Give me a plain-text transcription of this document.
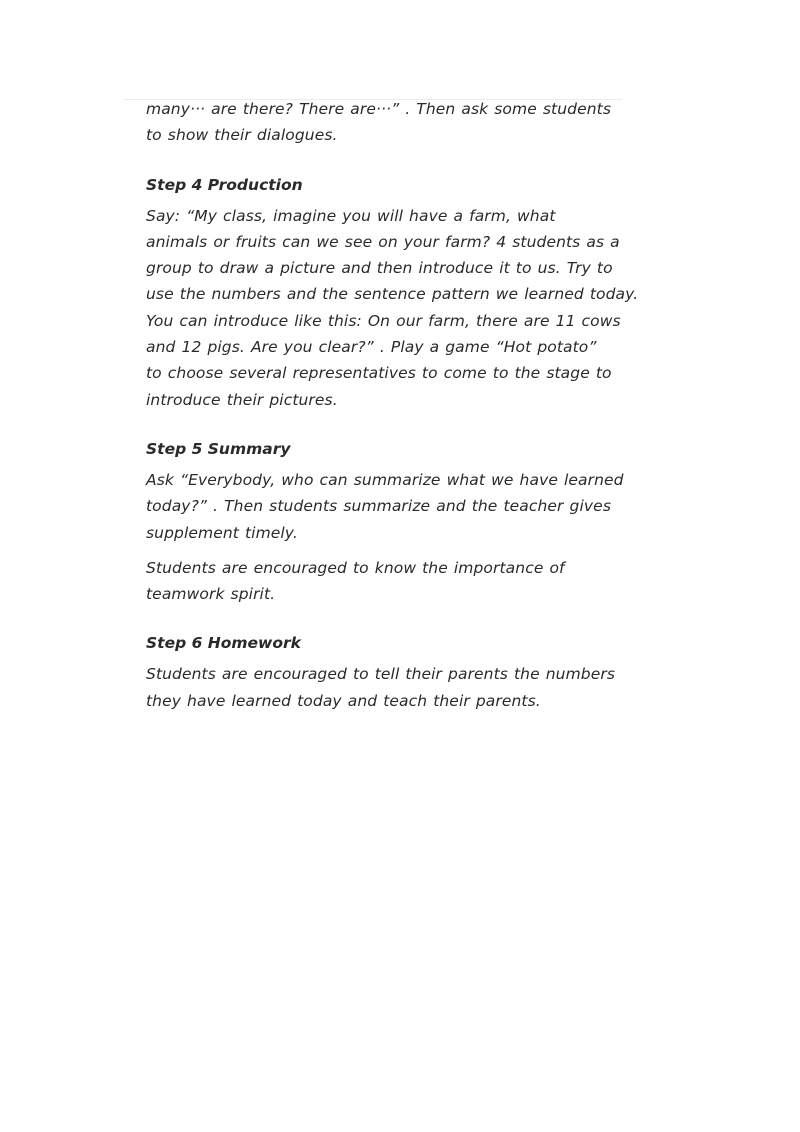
many··· are there? There are···” . Then ask some students
to show their dialogues.

Step 4 Production

Say: “My class, imagine you will have a farm, what
animals or fruits can we see on your farm? 4 students as a
group to draw a picture and then introduce it to us. Try to
use the numbers and the sentence pattern we learned today.
You can introduce like this: On our farm, there are 11 cows
and 12 pigs. Are you clear?” . Play a game “Hot potato”
to choose several representatives to come to the stage to
introduce their pictures.

Step 5 Summary

Ask “Everybody, who can summarize what we have learned
today?” . Then students summarize and the teacher gives
supplement timely.

Students are encouraged to know the importance of
teamwork spirit.

Step 6 Homework

Students are encouraged to tell their parents the numbers
they have learned today and teach their parents.
